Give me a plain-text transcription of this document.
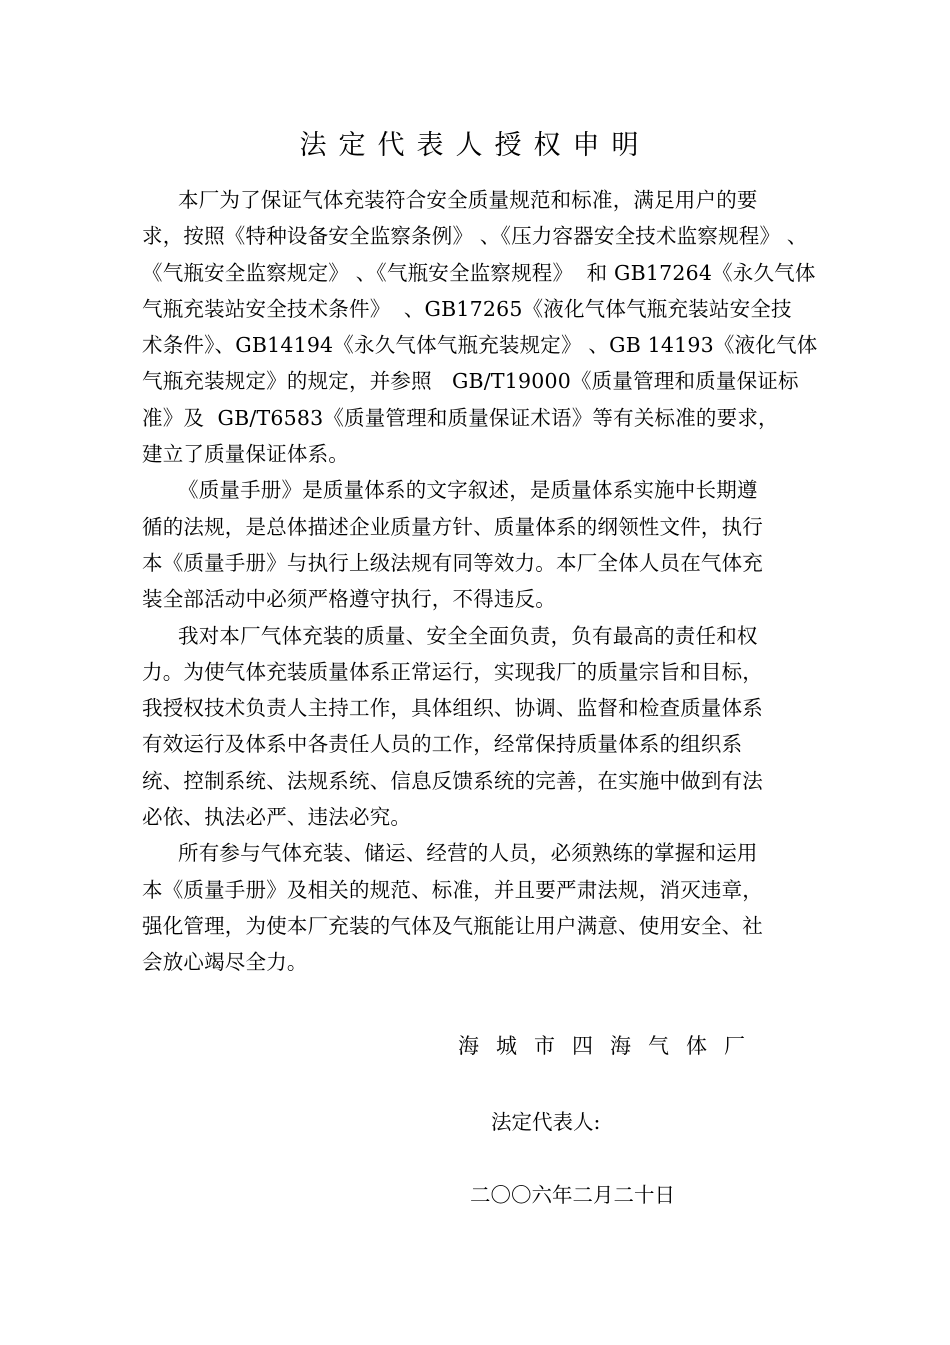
法定代表人授权申明
本厂为了保证气体充装符合安全质量规范和标准，满足用户的要
求，按照《特种设备安全监察条例》 、《压力容器安全技术监察规程》 、
《气瓶安全监察规定》 、《气瓶安全监察规程》  和 GB17264《永久气体
气瓶充装站安全技术条件》  、GB17265《液化气体气瓶充装站安全技
术条件》、GB14194《永久气体气瓶充装规定》 、GB 14193《液化气体
气瓶充装规定》的规定，并参照   GB/T19000《质量管理和质量保证标
准》及  GB/T6583《质量管理和质量保证术语》等有关标准的要求，
建立了质量保证体系。
《质量手册》是质量体系的文字叙述，是质量体系实施中长期遵
循的法规，是总体描述企业质量方针、质量体系的纲领性文件，执行
本《质量手册》与执行上级法规有同等效力。本厂全体人员在气体充
装全部活动中必须严格遵守执行，不得违反。
我对本厂气体充装的质量、安全全面负责，负有最高的责任和权
力。为使气体充装质量体系正常运行，实现我厂的质量宗旨和目标，
我授权技术负责人主持工作，具体组织、协调、监督和检查质量体系
有效运行及体系中各责任人员的工作，经常保持质量体系的组织系
统、控制系统、法规系统、信息反馈系统的完善，在实施中做到有法
必依、执法必严、违法必究。
所有参与气体充装、储运、经营的人员，必须熟练的掌握和运用
本《质量手册》及相关的规范、标准，并且要严肃法规，消灭违章，
强化管理，为使本厂充装的气体及气瓶能让用户满意、使用安全、社
会放心竭尽全力。
海城市四海气体厂
法定代表人:
二〇〇六年二月二十日
